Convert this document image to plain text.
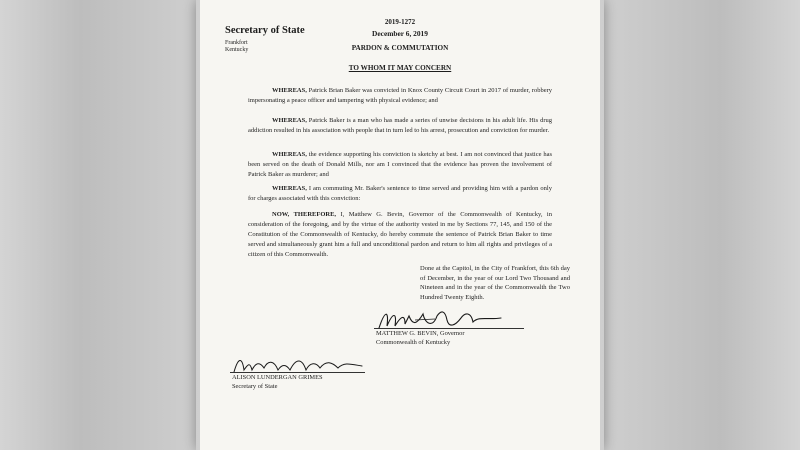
Secretary of State
Frankfort
Kentucky
2019-1272
December 6, 2019
PARDON & COMMUTATION
TO WHOM IT MAY CONCERN
WHEREAS, Patrick Brian Baker was convicted in Knox County Circuit Court in 2017 of murder, robbery impersonating a peace officer and tampering with physical evidence; and
WHEREAS, Patrick Baker is a man who has made a series of unwise decisions in his adult life. His drug addiction resulted in his association with people that in turn led to his arrest, prosecution and conviction for murder.
WHEREAS, the evidence supporting his conviction is sketchy at best. I am not convinced that justice has been served on the death of Donald Mills, nor am I convinced that the evidence has proven the involvement of Patrick Baker as murderer; and
WHEREAS, I am commuting Mr. Baker's sentence to time served and providing him with a pardon only for charges associated with this conviction:
NOW, THEREFORE, I, Matthew G. Bevin, Governor of the Commonwealth of Kentucky, in consideration of the foregoing, and by the virtue of the authority vested in me by Sections 77, 145, and 150 of the Constitution of the Commonwealth of Kentucky, do hereby commute the sentence of Patrick Brian Baker to time served and simultaneously grant him a full and unconditional pardon and return to him all rights and privileges of a citizen of this Commonwealth.
Done at the Capitol, in the City of Frankfort, this 6th day of December, in the year of our Lord Two Thousand and Nineteen and in the year of the Commonwealth the Two Hundred Twenty Eighth.
MATTHEW G. BEVIN, Governor
Commonwealth of Kentucky
ALISON LUNDERGAN GRIMES
Secretary of State
